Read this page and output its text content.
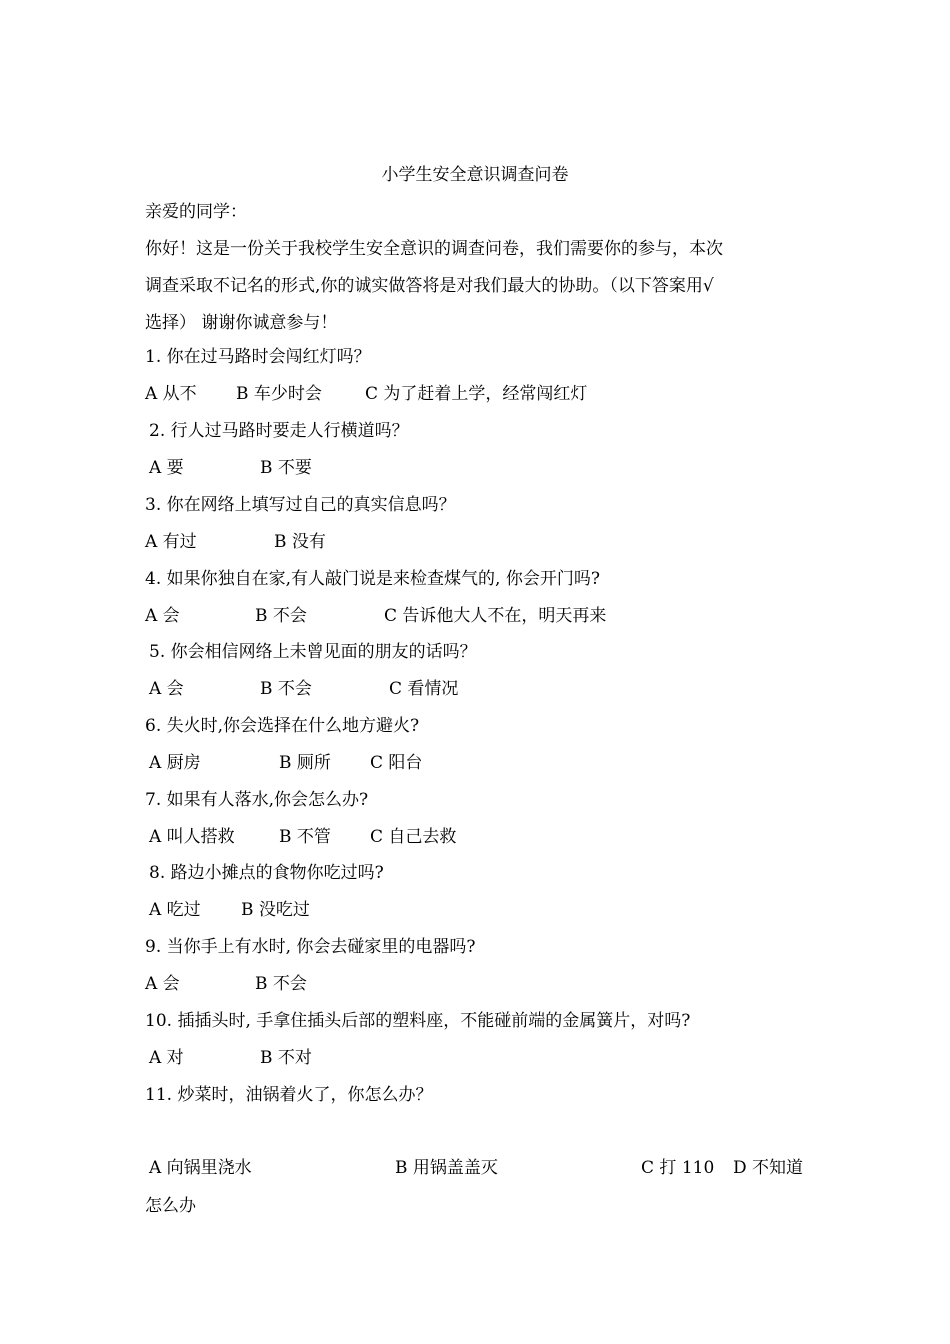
小学生安全意识调查问卷
亲爱的同学：
你好！这是一份关于我校学生安全意识的调查问卷，我们需要你的参与，本次
调查采取不记名的形式,你的诚实做答将是对我们最大的协助。（以下答案用√
选择） 谢谢你诚意参与！
1. 你在过马路时会闯红灯吗？
A 从不 B 车少时会	C 为了赶着上学，经常闯红灯
2. 行人过马路时要走人行横道吗？
A 要	B 不要
3. 你在网络上填写过自己的真实信息吗？
A 有过	B 没有
4. 如果你独自在家,有人敲门说是来检查煤气的, 你会开门吗?
A 会	B 不会	C 告诉他大人不在，明天再来
5. 你会相信网络上未曾见面的朋友的话吗？
A 会	B 不会	C 看情况
6. 失火时,你会选择在什么地方避火?
A 厨房	B 厕所 C 阳台
7. 如果有人落水,你会怎么办?
A 叫人搭救	B 不管 C 自己去救
8. 路边小摊点的食物你吃过吗?
A 吃过 B 没吃过
9. 当你手上有水时, 你会去碰家里的电器吗?
A 会	B 不会
10. 插插头时, 手拿住插头后部的塑料座，不能碰前端的金属簧片，对吗?
A 对	B 不对
11. 炒菜时，油锅着火了，你怎么办？
A 向锅里浇水	B 用锅盖盖灭	C 打 110 D 不知道
怎么办
